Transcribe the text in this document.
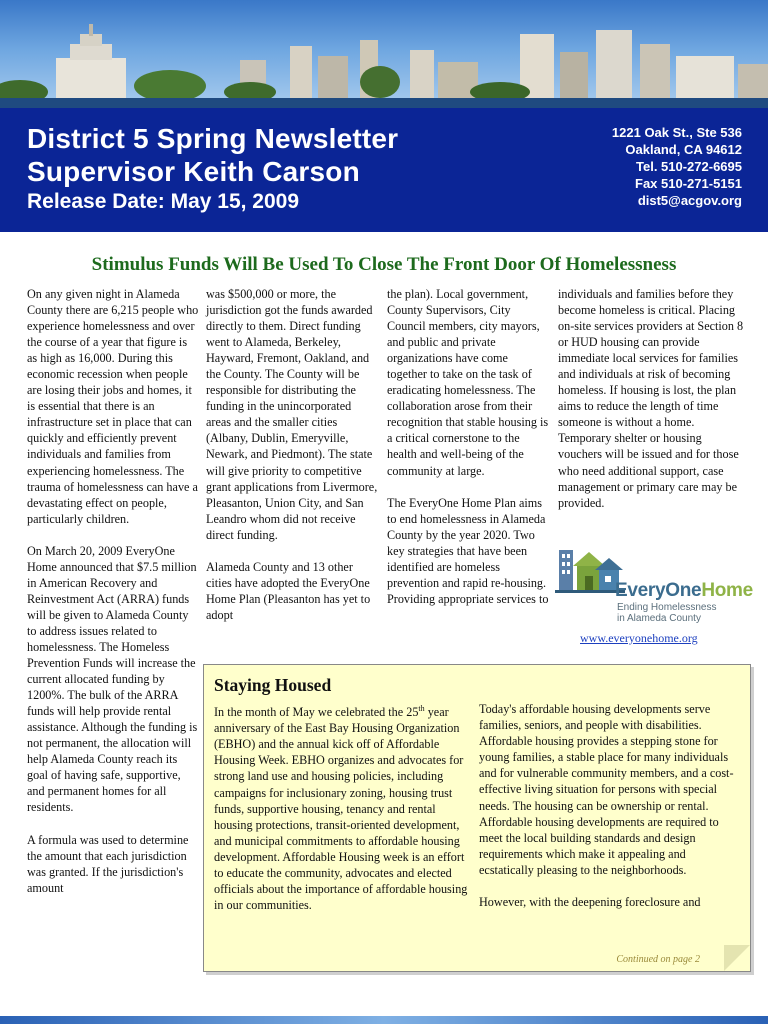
District 5 Spring Newsletter
Supervisor Keith Carson
Release Date: May 15, 2009
1221 Oak St., Ste 536
Oakland, CA 94612
Tel. 510-272-6695
Fax 510-271-5151
dist5@acgov.org
Stimulus Funds Will Be Used To Close The Front Door Of Homelessness

On any given night in Alameda County there are 6,215 people who experience homelessness and over the course of a year that figure is as high as 16,000. During this economic recession when people are losing their jobs and homes, it is essential that there is an infrastructure set in place that can quickly and efficiently prevent individuals and families from experiencing homelessness. The trauma of homelessness can have a devastating effect on people, particularly children.

On March 20, 2009 EveryOne Home announced that $7.5 million in American Recovery and Reinvestment Act (ARRA) funds will be given to Alameda County to address issues related to homelessness. The Homeless Prevention Funds will increase the current allocated funding by 1200%. The bulk of the ARRA funds will help provide rental assistance. Although the funding is not permanent, the allocation will help Alameda County reach its goal of having safe, supportive, and permanent homes for all residents.

A formula was used to determine the amount that each jurisdiction was granted. If the jurisdiction's amount

was $500,000 or more, the jurisdiction got the funds awarded directly to them. Direct funding went to Alameda, Berkeley, Hayward, Fremont, Oakland, and the County. The County will be responsible for distributing the funding in the unincorporated areas and the smaller cities (Albany, Dublin, Emeryville, Newark, and Piedmont). The state will give priority to competitive grant applications from Livermore, Pleasanton, Union City, and San Leandro whom did not receive direct funding.

Alameda County and 13 other cities have adopted the EveryOne Home Plan (Pleasanton has yet to adopt

the plan). Local government, County Supervisors, City Council members, city mayors, and public and private organizations have come together to take on the task of eradicating homelessness. The collaboration arose from their recognition that stable housing is a critical cornerstone to the health and well-being of the community at large.

The EveryOne Home Plan aims to end homelessness in Alameda County by the year 2020. Two key strategies that have been identified are homeless prevention and rapid re-housing. Providing appropriate services to

individuals and families before they become homeless is critical. Placing on-site services providers at Section 8 or HUD housing can provide immediate local services for families and individuals at risk of becoming homeless. If housing is lost, the plan aims to reduce the length of time someone is without a home. Temporary shelter or housing vouchers will be issued and for those who need additional support, case management or primary care may be provided.

EveryOneHome
Ending Homelessness
in Alameda County
www.everyonehome.org
Staying Housed

In the month of May we celebrated the 25th year anniversary of the East Bay Housing Organization (EBHO) and the annual kick off of Affordable Housing Week. EBHO organizes and advocates for strong land use and housing policies, including campaigns for inclusionary zoning, housing trust funds, supportive housing, tenancy and rental housing protections, transit-oriented development, and municipal commitments to affordable housing development. Affordable Housing week is an effort to educate the community, advocates and elected officials about the importance of affordable housing in our communities.

Today's affordable housing developments serve families, seniors, and people with disabilities. Affordable housing provides a stepping stone for young families, a stable place for many individuals and for vulnerable community members, and a cost-effective living situation for persons with special needs. The housing can be ownership or rental. Affordable housing developments are required to meet the local building standards and design requirements which make it appealing and ecstatically pleasing to the neighborhoods.

However, with the deepening foreclosure and

Continued on page 2
